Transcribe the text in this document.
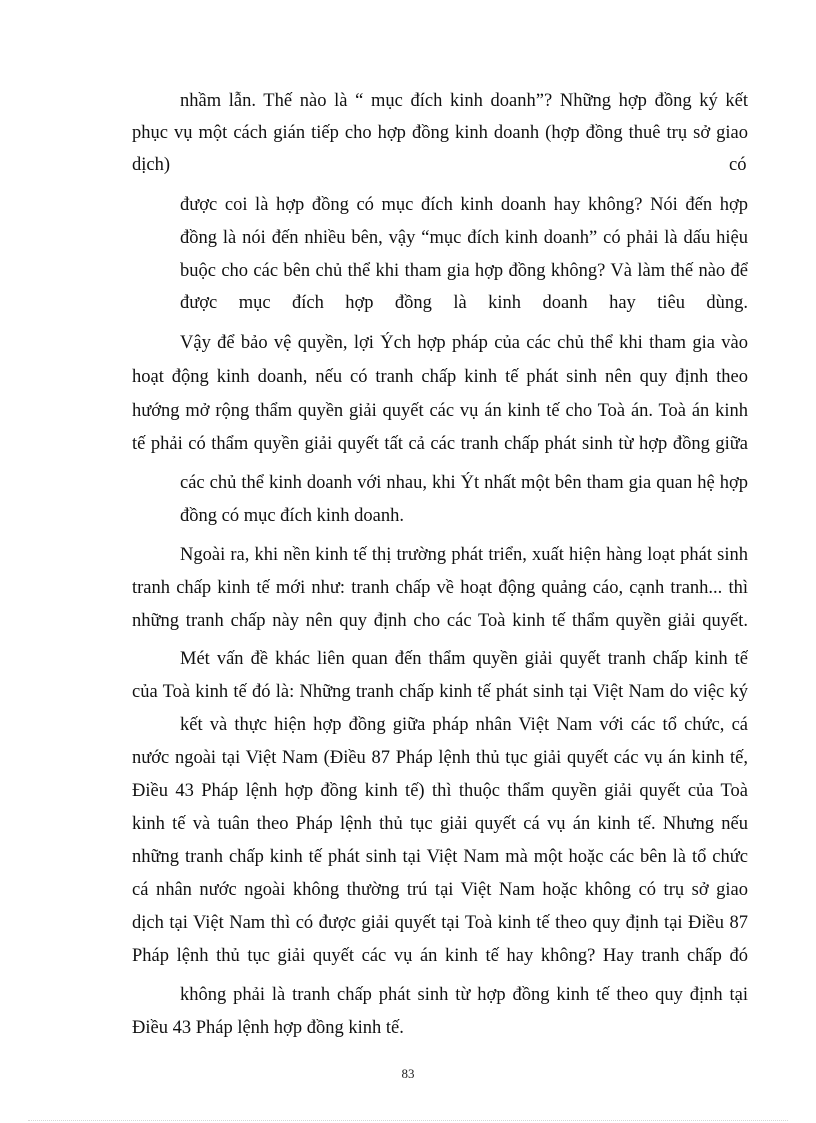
nhầm lẫn. Thế nào là “ mục đích kinh doanh”? Những hợp đồng ký kết
phục vụ một cách gián tiếp cho hợp đồng kinh doanh (hợp đồng thuê trụ sở giao
dịch)	có
được coi là hợp đồng có mục đích kinh doanh hay không? Nói đến hợp
đồng là nói đến nhiều bên, vậy “mục đích kinh doanh” có phải là dấu hiệu
buộc cho các bên chủ thể khi tham gia hợp đồng không? Và làm thế nào để
được mục đích hợp đồng là kinh doanh hay tiêu dùng.
Vậy để bảo vệ quyền, lợi Ých hợp pháp của các chủ thể khi tham gia vào
hoạt động kinh doanh, nếu có tranh chấp kinh tế phát sinh nên quy định theo
hướng mở rộng thẩm quyền giải quyết các vụ án kinh tế cho Toà án. Toà án kinh
tế phải có thẩm quyền giải quyết tất cả các tranh chấp phát sinh từ hợp đồng giữa
các chủ thể kinh doanh với nhau, khi Ýt nhất một bên tham gia quan hệ hợp
đồng có mục đích kinh doanh.
Ngoài ra, khi nền kinh tế thị trường phát triển, xuất hiện hàng loạt phát sinh
tranh chấp kinh tế mới như: tranh chấp về hoạt động quảng cáo, cạnh tranh... thì
những tranh chấp này nên quy định cho các Toà kinh tế thẩm quyền giải quyết.
Mét vấn đề khác liên quan đến thẩm quyền giải quyết tranh chấp kinh tế
của Toà kinh tế đó là: Những tranh chấp kinh tế phát sinh tại Việt Nam do việc ký
kết và thực hiện hợp đồng giữa pháp nhân Việt Nam với các tổ chức, cá
nước ngoài tại Việt Nam (Điều 87 Pháp lệnh thủ tục giải quyết các vụ án kinh tế,
Điều 43 Pháp lệnh hợp đồng kinh tế) thì thuộc thẩm quyền giải quyết của Toà
kinh tế và tuân theo Pháp lệnh thủ tục giải quyết cá vụ án kinh tế. Nhưng nếu
những tranh chấp kinh tế phát sinh tại Việt Nam mà một hoặc các bên là tổ chức
cá nhân nước ngoài không thường trú tại Việt Nam hoặc không có trụ sở giao
dịch tại Việt Nam thì có được giải quyết tại Toà kinh tế theo quy định tại Điều 87
Pháp lệnh thủ tục giải quyết các vụ án kinh tế hay không? Hay tranh chấp đó
không phải là tranh chấp phát sinh từ hợp đồng kinh tế theo quy định tại
Điều 43 Pháp lệnh hợp đồng kinh tế.
83
